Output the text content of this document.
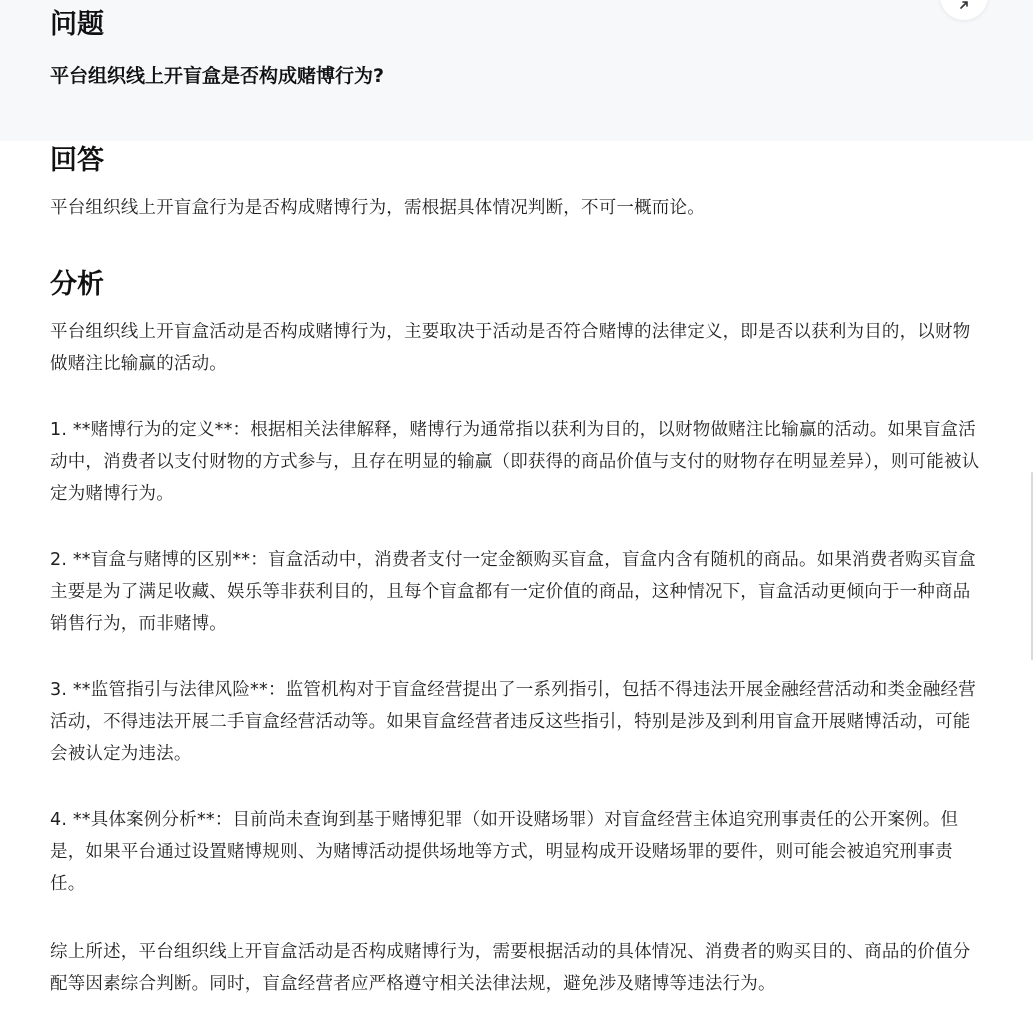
问题

平台组织线上开盲盒是否构成赌博行为?

回答

平台组织线上开盲盒行为是否构成赌博行为，需根据具体情况判断，不可一概而论。

分析

平台组织线上开盲盒活动是否构成赌博行为，主要取决于活动是否符合赌博的法律定义，即是否以获利为目的，以财物做赌注比输赢的活动。

1. **赌博行为的定义**：根据相关法律解释，赌博行为通常指以获利为目的，以财物做赌注比输赢的活动。如果盲盒活动中，消费者以支付财物的方式参与，且存在明显的输赢（即获得的商品价值与支付的财物存在明显差异），则可能被认定为赌博行为。

2. **盲盒与赌博的区别**：盲盒活动中，消费者支付一定金额购买盲盒，盲盒内含有随机的商品。如果消费者购买盲盒主要是为了满足收藏、娱乐等非获利目的，且每个盲盒都有一定价值的商品，这种情况下，盲盒活动更倾向于一种商品销售行为，而非赌博。

3. **监管指引与法律风险**：监管机构对于盲盒经营提出了一系列指引，包括不得违法开展金融经营活动和类金融经营活动，不得违法开展二手盲盒经营活动等。如果盲盒经营者违反这些指引，特别是涉及到利用盲盒开展赌博活动，可能会被认定为违法。

4. **具体案例分析**：目前尚未查询到基于赌博犯罪（如开设赌场罪）对盲盒经营主体追究刑事责任的公开案例。但是，如果平台通过设置赌博规则、为赌博活动提供场地等方式，明显构成开设赌场罪的要件，则可能会被追究刑事责任。

综上所述，平台组织线上开盲盒活动是否构成赌博行为，需要根据活动的具体情况、消费者的购买目的、商品的价值分配等因素综合判断。同时，盲盒经营者应严格遵守相关法律法规，避免涉及赌博等违法行为。
